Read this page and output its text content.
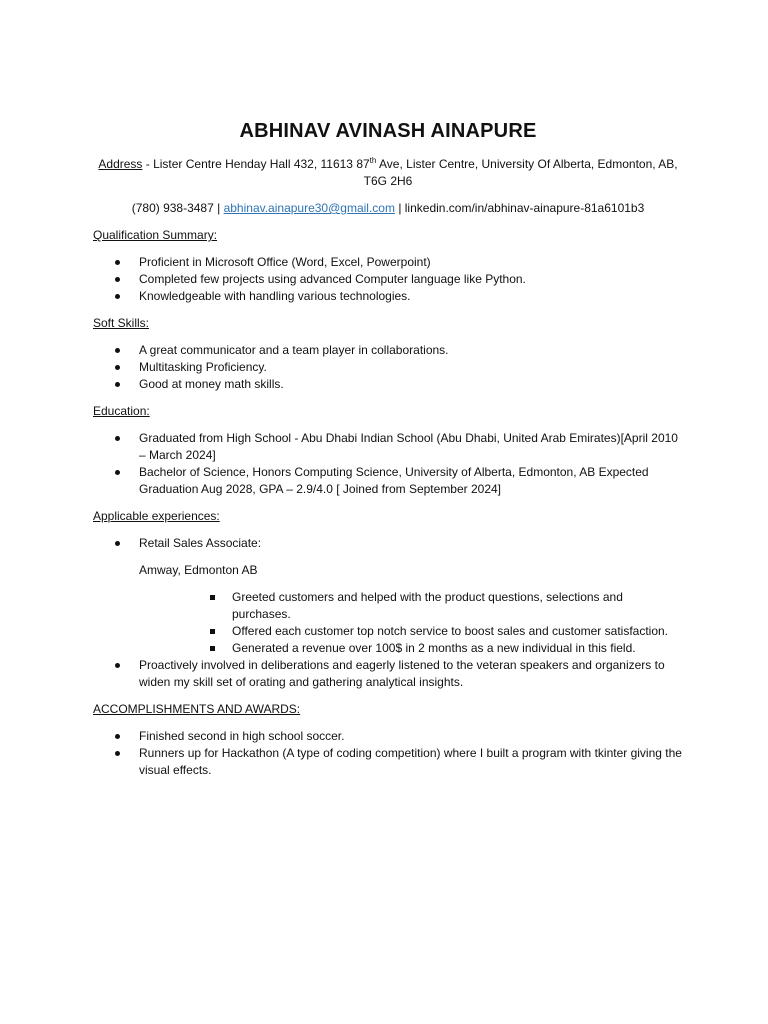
ABHINAV AVINASH AINAPURE

Address - Lister Centre Henday Hall 432, 11613 87th Ave, Lister Centre, University Of Alberta, Edmonton, AB, T6G 2H6

(780) 938-3487 | abhinav.ainapure30@gmail.com | linkedin.com/in/abhinav-ainapure-81a6101b3

Qualification Summary:

Proficient in Microsoft Office (Word, Excel, Powerpoint)
Completed few projects using advanced Computer language like Python.
Knowledgeable with handling various technologies.

Soft Skills:

A great communicator and a team player in collaborations.
Multitasking Proficiency.
Good at money math skills.

Education:

Graduated from High School - Abu Dhabi Indian School (Abu Dhabi, United Arab Emirates)[April 2010 – March 2024]
Bachelor of Science, Honors Computing Science, University of Alberta, Edmonton, AB Expected Graduation Aug 2028, GPA – 2.9/4.0 [ Joined from September 2024]

Applicable experiences:

Retail Sales Associate:

Amway, Edmonton AB

Greeted customers and helped with the product questions, selections and purchases.
Offered each customer top notch service to boost sales and customer satisfaction.
Generated a revenue over 100$ in 2 months as a new individual in this field.
Proactively involved in deliberations and eagerly listened to the veteran speakers and organizers to widen my skill set of orating and gathering analytical insights.

ACCOMPLISHMENTS AND AWARDS:

Finished second in high school soccer.
Runners up for Hackathon (A type of coding competition) where I built a program with tkinter giving the visual effects.
